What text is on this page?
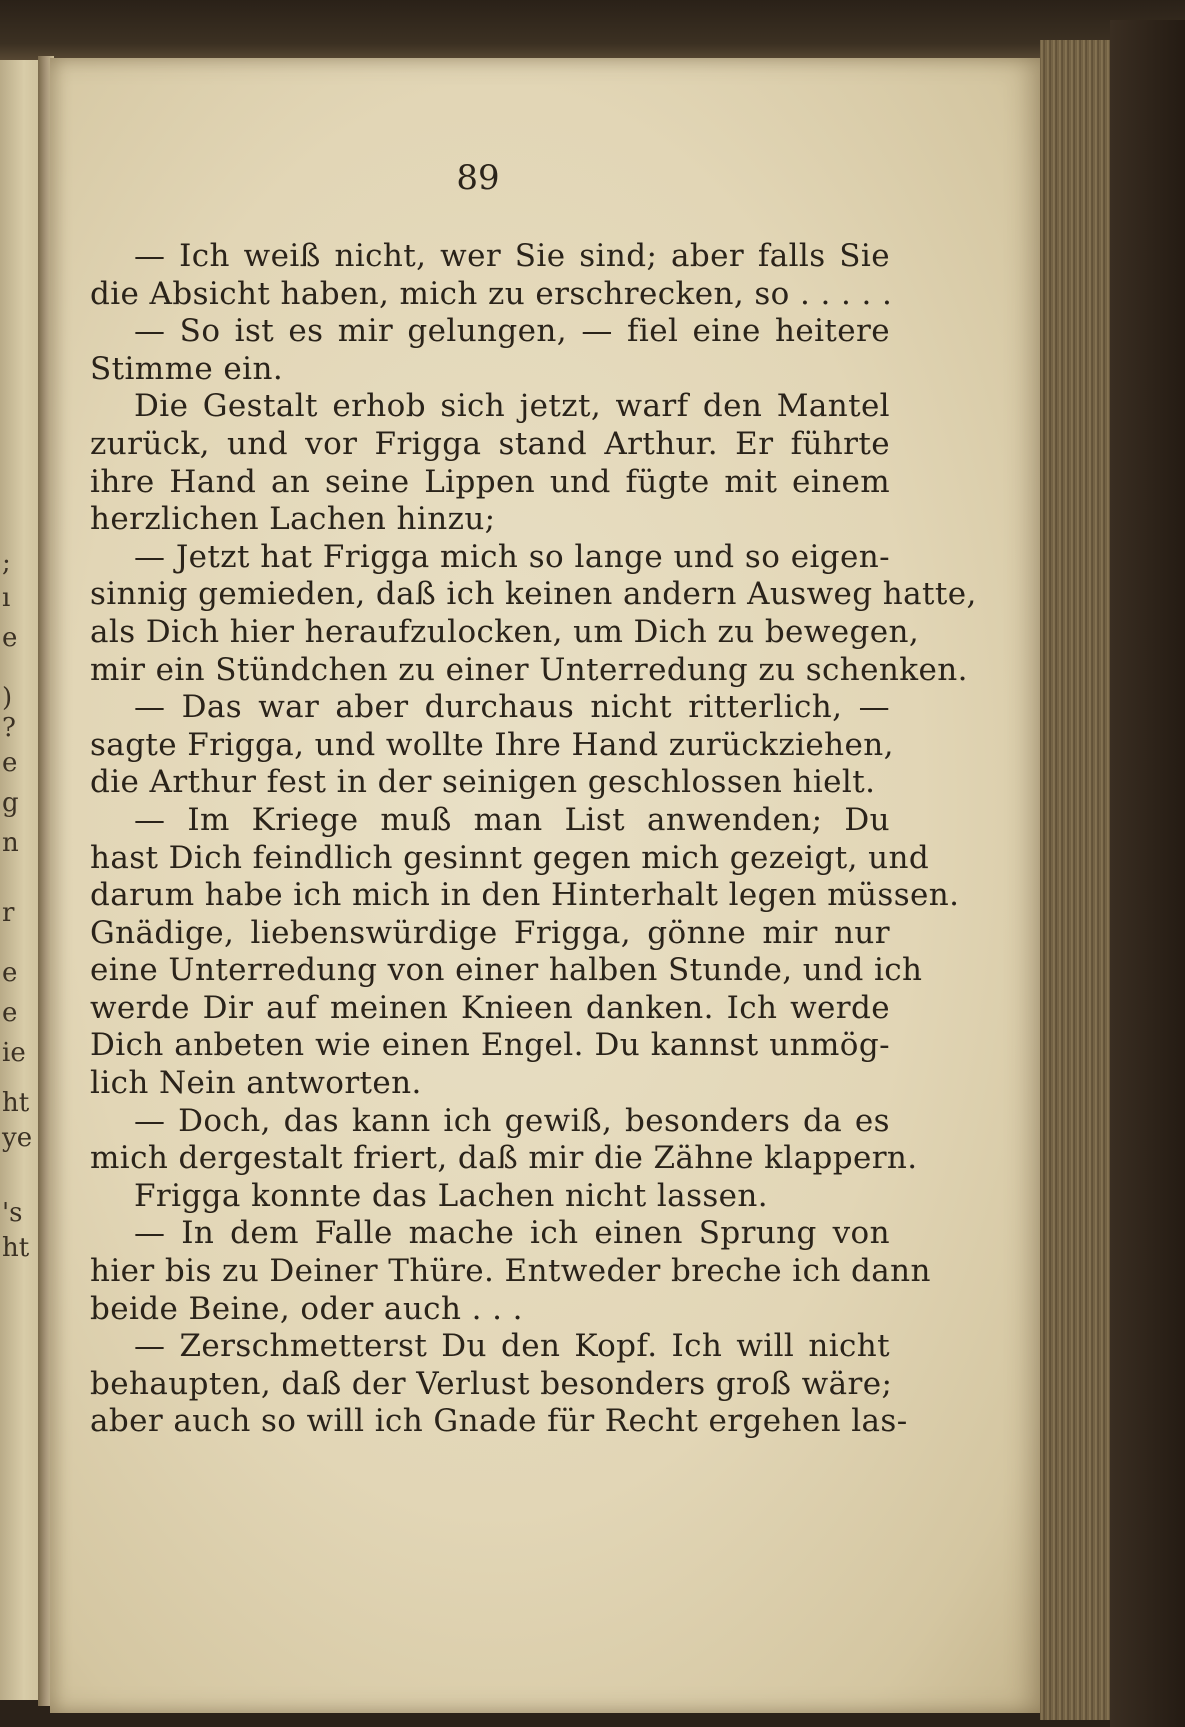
;
ı
e
)
?
e
g
n
r
e
e
ie
ht
ye
's
ht
89
— Ich weiß nicht, wer Sie sind; aber falls Sie
die Absicht haben, mich zu erschrecken, so . . . . .
— So ist es mir gelungen, — fiel eine heitere
Stimme ein.
Die Gestalt erhob sich jetzt, warf den Mantel
zurück, und vor Frigga stand Arthur. Er führte
ihre Hand an seine Lippen und fügte mit einem
herzlichen Lachen hinzu;
— Jetzt hat Frigga mich so lange und so eigen-
sinnig gemieden, daß ich keinen andern Ausweg hatte,
als Dich hier heraufzulocken, um Dich zu bewegen,
mir ein Stündchen zu einer Unterredung zu schenken.
— Das war aber durchaus nicht ritterlich, —
sagte Frigga, und wollte Ihre Hand zurückziehen,
die Arthur fest in der seinigen geschlossen hielt.
— Im Kriege muß man List anwenden; Du
hast Dich feindlich gesinnt gegen mich gezeigt, und
darum habe ich mich in den Hinterhalt legen müssen.
Gnädige, liebenswürdige Frigga, gönne mir nur
eine Unterredung von einer halben Stunde, und ich
werde Dir auf meinen Knieen danken. Ich werde
Dich anbeten wie einen Engel. Du kannst unmög-
lich Nein antworten.
— Doch, das kann ich gewiß, besonders da es
mich dergestalt friert, daß mir die Zähne klappern.
Frigga konnte das Lachen nicht lassen.
— In dem Falle mache ich einen Sprung von
hier bis zu Deiner Thüre. Entweder breche ich dann
beide Beine, oder auch . . .
— Zerschmetterst Du den Kopf. Ich will nicht
behaupten, daß der Verlust besonders groß wäre;
aber auch so will ich Gnade für Recht ergehen las-
